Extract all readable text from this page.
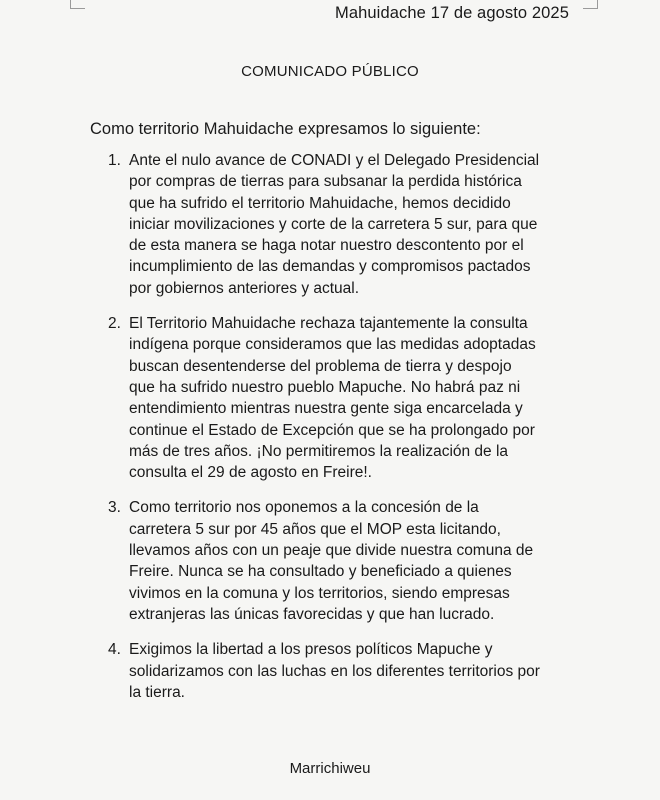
Mahuidache 17 de agosto 2025
COMUNICADO PÚBLICO
Como territorio Mahuidache expresamos lo siguiente:
1. Ante el nulo avance de CONADI y el Delegado Presidencial por compras de tierras para subsanar la perdida histórica que ha sufrido el territorio Mahuidache, hemos decidido iniciar movilizaciones y corte de la carretera 5 sur, para que de esta manera se haga notar nuestro descontento por el incumplimiento de las demandas y compromisos pactados por gobiernos anteriores y actual.
2. El Territorio Mahuidache rechaza tajantemente la consulta indígena porque consideramos que las medidas adoptadas buscan desentenderse del problema de tierra y despojo que ha sufrido nuestro pueblo Mapuche. No habrá paz ni entendimiento mientras nuestra gente siga encarcelada y continue el Estado de Excepción que se ha prolongado por más de tres años. ¡No permitiremos la realización de la consulta el 29 de agosto en Freire!.
3. Como territorio nos oponemos a la concesión de la carretera 5 sur por 45 años que el MOP esta licitando, llevamos años con un peaje que divide nuestra comuna de Freire. Nunca se ha consultado y beneficiado a quienes vivimos en la comuna y los territorios, siendo empresas extranjeras las únicas favorecidas y que han lucrado.
4. Exigimos la libertad a los presos políticos Mapuche y solidarizamos con las luchas en los diferentes territorios por la tierra.
Marrichiweu
